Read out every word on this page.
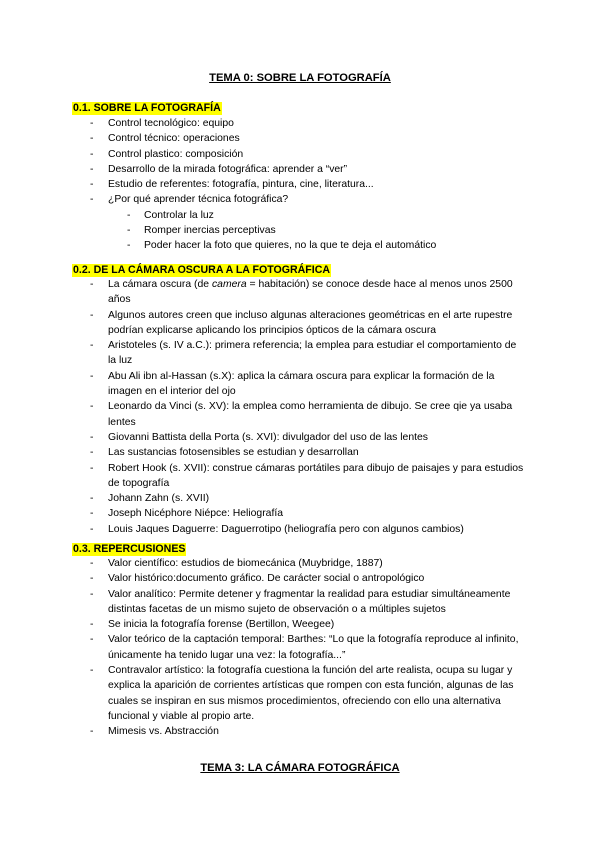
TEMA 0: SOBRE LA FOTOGRAFÍA
0.1. SOBRE LA FOTOGRAFÍA
- Control tecnológico: equipo
- Control técnico: operaciones
- Control plastico: composición
- Desarrollo de la mirada fotográfica: aprender a “ver”
- Estudio de referentes: fotografía, pintura, cine, literatura...
- ¿Por qué aprender técnica fotográfica?
- Controlar la luz
- Romper inercias perceptivas
- Poder hacer la foto que quieres, no la que te deja el automático
0.2. DE LA CÁMARA OSCURA A LA FOTOGRÁFICA
- La cámara oscura (de camera = habitación) se conoce desde hace al menos unos 2500 años
- Algunos autores creen que incluso algunas alteraciones geométricas en el arte rupestre podrían explicarse aplicando los principios ópticos de la cámara oscura
- Aristoteles (s. IV a.C.): primera referencia; la emplea para estudiar el comportamiento de la luz
- Abu Ali ibn al-Hassan (s.X): aplica la cámara oscura para explicar la formación de la imagen en el interior del ojo
- Leonardo da Vinci (s. XV): la emplea como herramienta de dibujo. Se cree qie ya usaba lentes
- Giovanni Battista della Porta (s. XVI): divulgador del uso de las lentes
- Las sustancias fotosensibles se estudian y desarrollan
- Robert Hook (s. XVII): construe cámaras portátiles para dibujo de paisajes y para estudios de topografía
- Johann Zahn (s. XVII)
- Joseph Nicéphore Niépce: Heliografía
- Louis Jaques Daguerre: Daguerrotipo (heliografía pero con algunos cambios)
0.3. REPERCUSIONES
- Valor científico: estudios de biomecánica (Muybridge, 1887)
- Valor histórico:documento gráfico. De carácter social o antropológico
- Valor analítico: Permite detener y fragmentar la realidad para estudiar simultáneamente distintas facetas de un mismo sujeto de observación o a múltiples sujetos
- Se inicia la fotografía forense (Bertillon, Weegee)
- Valor teórico de la captación temporal: Barthes: “Lo que la fotografía reproduce al infinito, únicamente ha tenido lugar una vez: la fotografía...”
- Contravalor artístico: la fotografía cuestiona la función del arte realista, ocupa su lugar y explica la aparición de corrientes artísticas que rompen con esta función, algunas de las cuales se inspiran en sus mismos procedimientos, ofreciendo con ello una alternativa funcional y viable al propio arte.
- Mimesis vs. Abstracción
TEMA 3: LA CÁMARA FOTOGRÁFICA
